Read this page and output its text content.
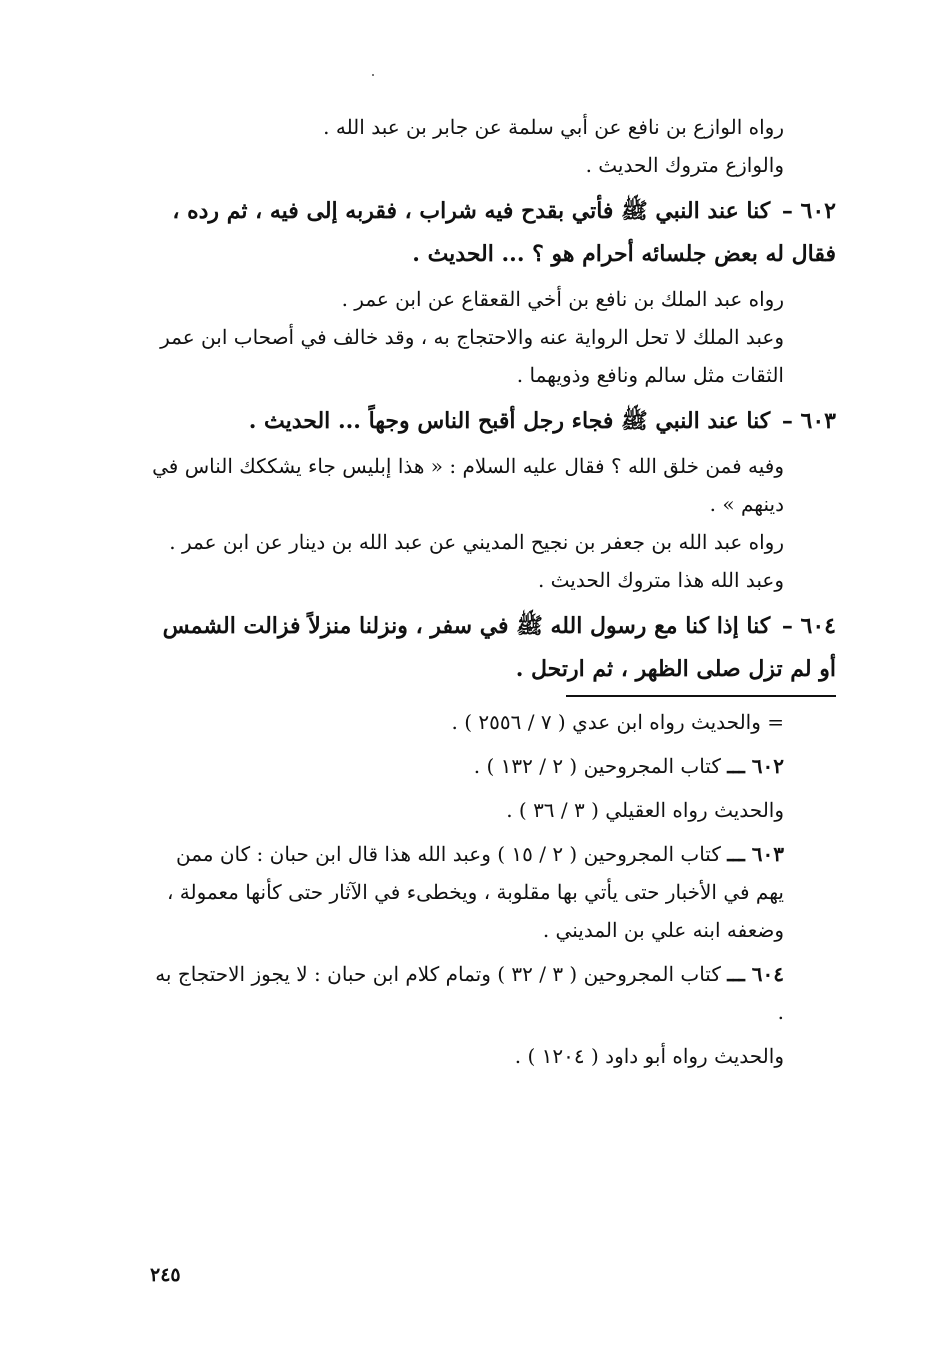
رواه الوازع بن نافع عن أبي سلمة عن جابر بن عبد الله .
والوازع متروك الحديث .
٦٠٢ – كنا عند النبي ﷺ فأتي بقدح فيه شراب ، فقربه إلى فيه ، ثم رده ، فقال له بعض جلسائه أحرام هو ؟ ... الحديث .
رواه عبد الملك بن نافع بن أخي القعقاع عن ابن عمر .
وعبد الملك لا تحل الرواية عنه والاحتجاج به ، وقد خالف في أصحاب ابن عمر الثقات مثل سالم ونافع وذويهما .
٦٠٣ – كنا عند النبي ﷺ فجاء رجل أقبح الناس وجهاً ... الحديث .
وفيه فمن خلق الله ؟ فقال عليه السلام : « هذا إبليس جاء يشككك الناس في دينهم » .
رواه عبد الله بن جعفر بن نجيح المديني عن عبد الله بن دينار عن ابن عمر .
وعبد الله هذا متروك الحديث .
٦٠٤ – كنا إذا كنا مع رسول الله ﷺ في سفر ، ونزلنا منزلاً فزالت الشمس أو لم تزل صلى الظهر ، ثم ارتحل .
= والحديث رواه ابن عدي ( ٧ / ٢٥٥٦ ) .
٦٠٢ ـــ كتاب المجروحين ( ٢ / ١٣٢ ) .
والحديث رواه العقيلي ( ٣ / ٣٦ ) .
٦٠٣ ـــ كتاب المجروحين ( ٢ / ١٥ ) وعبد الله هذا قال ابن حبان : كان ممن يهم في الأخبار حتى يأتي بها مقلوبة ، ويخطىء في الآثار حتى كأنها معمولة ، وضعفه ابنه علي بن المديني .
٦٠٤ ـــ كتاب المجروحين ( ٣ / ٣٢ ) وتمام كلام ابن حبان : لا يجوز الاحتجاج به .
والحديث رواه أبو داود ( ١٢٠٤ ) .
٢٤٥
